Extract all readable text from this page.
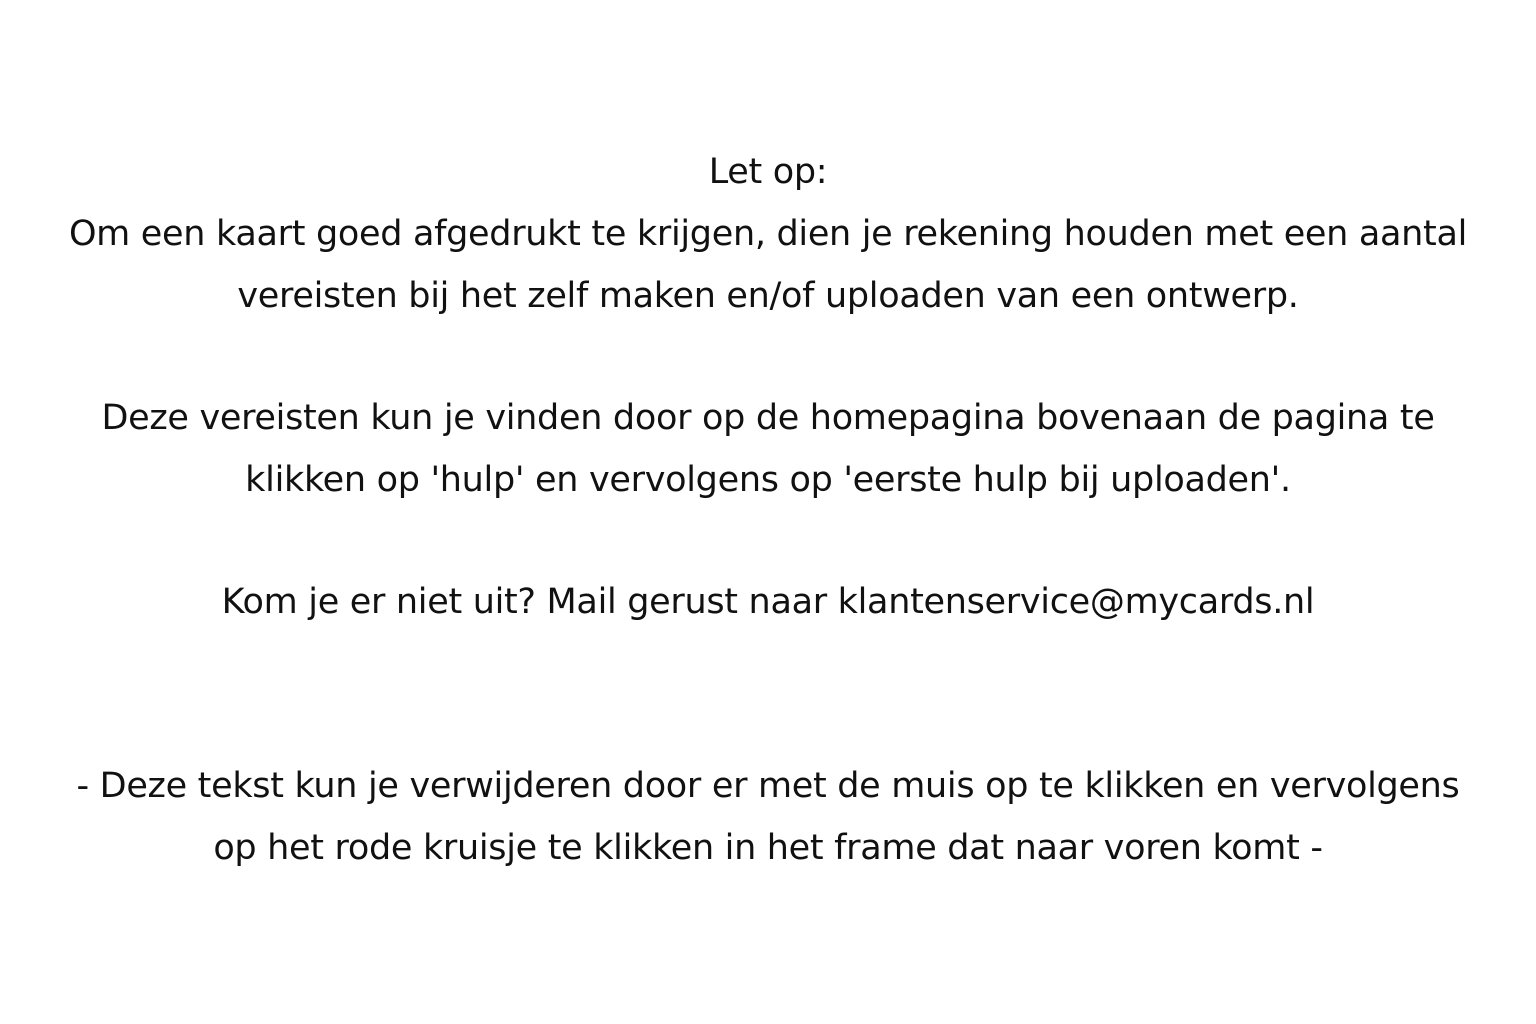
Let op:
Om een kaart goed afgedrukt te krijgen, dien je rekening houden met een aantal
vereisten bij het zelf maken en/of uploaden van een ontwerp.
Deze vereisten kun je vinden door op de homepagina bovenaan de pagina te
klikken op 'hulp' en vervolgens op 'eerste hulp bij uploaden'.
Kom je er niet uit? Mail gerust naar klantenservice@mycards.nl
- Deze tekst kun je verwijderen door er met de muis op te klikken en vervolgens
op het rode kruisje te klikken in het frame dat naar voren komt -
